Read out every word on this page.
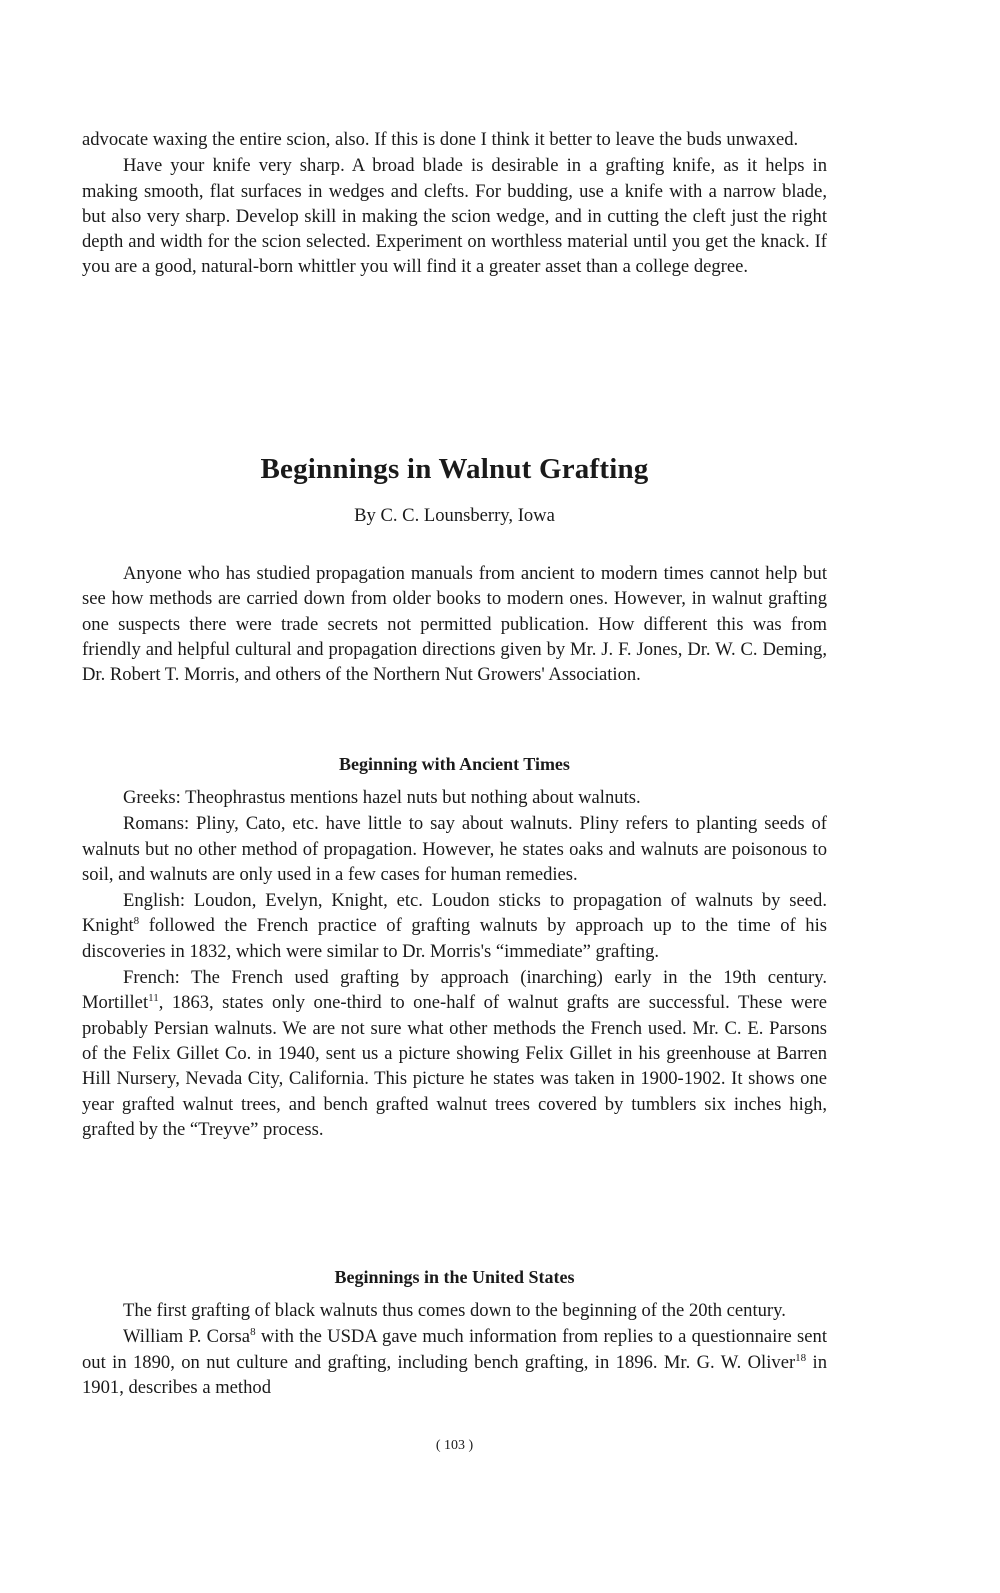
advocate waxing the entire scion, also. If this is done I think it better to leave the buds unwaxed.

Have your knife very sharp. A broad blade is desirable in a grafting knife, as it helps in making smooth, flat surfaces in wedges and clefts. For budding, use a knife with a narrow blade, but also very sharp. Develop skill in making the scion wedge, and in cutting the cleft just the right depth and width for the scion selected. Experiment on worthless material until you get the knack. If you are a good, natural-born whittler you will find it a greater asset than a college degree.

Beginnings in Walnut Grafting
By C. C. Lounsberry, Iowa

Anyone who has studied propagation manuals from ancient to modern times cannot help but see how methods are carried down from older books to modern ones. However, in walnut grafting one suspects there were trade secrets not permitted publication. How different this was from friendly and helpful cultural and propagation directions given by Mr. J. F. Jones, Dr. W. C. Deming, Dr. Robert T. Morris, and others of the Northern Nut Growers' Association.

Beginning with Ancient Times

Greeks: Theophrastus mentions hazel nuts but nothing about walnuts.

Romans: Pliny, Cato, etc. have little to say about walnuts. Pliny refers to planting seeds of walnuts but no other method of propagation. However, he states oaks and walnuts are poisonous to soil, and walnuts are only used in a few cases for human remedies.

English: Loudon, Evelyn, Knight, etc. Loudon sticks to propagation of walnuts by seed. Knight$^8$ followed the French practice of grafting walnuts by approach up to the time of his discoveries in 1832, which were similar to Dr. Morris's “immediate” grafting.

French: The French used grafting by approach (inarching) early in the 19th century. Mortillet$^{11}$, 1863, states only one-third to one-half of walnut grafts are successful. These were probably Persian walnuts. We are not sure what other methods the French used. Mr. C. E. Parsons of the Felix Gillet Co. in 1940, sent us a picture showing Felix Gillet in his greenhouse at Barren Hill Nursery, Nevada City, California. This picture he states was taken in 1900-1902. It shows one year grafted walnut trees, and bench grafted walnut trees covered by tumblers six inches high, grafted by the “Treyve” process.

Beginnings in the United States

The first grafting of black walnuts thus comes down to the beginning of the 20th century.

William P. Corsa$^8$ with the USDA gave much information from replies to a questionnaire sent out in 1890, on nut culture and grafting, including bench grafting, in 1896. Mr. G. W. Oliver$^{18}$ in 1901, describes a method

( 103 )
